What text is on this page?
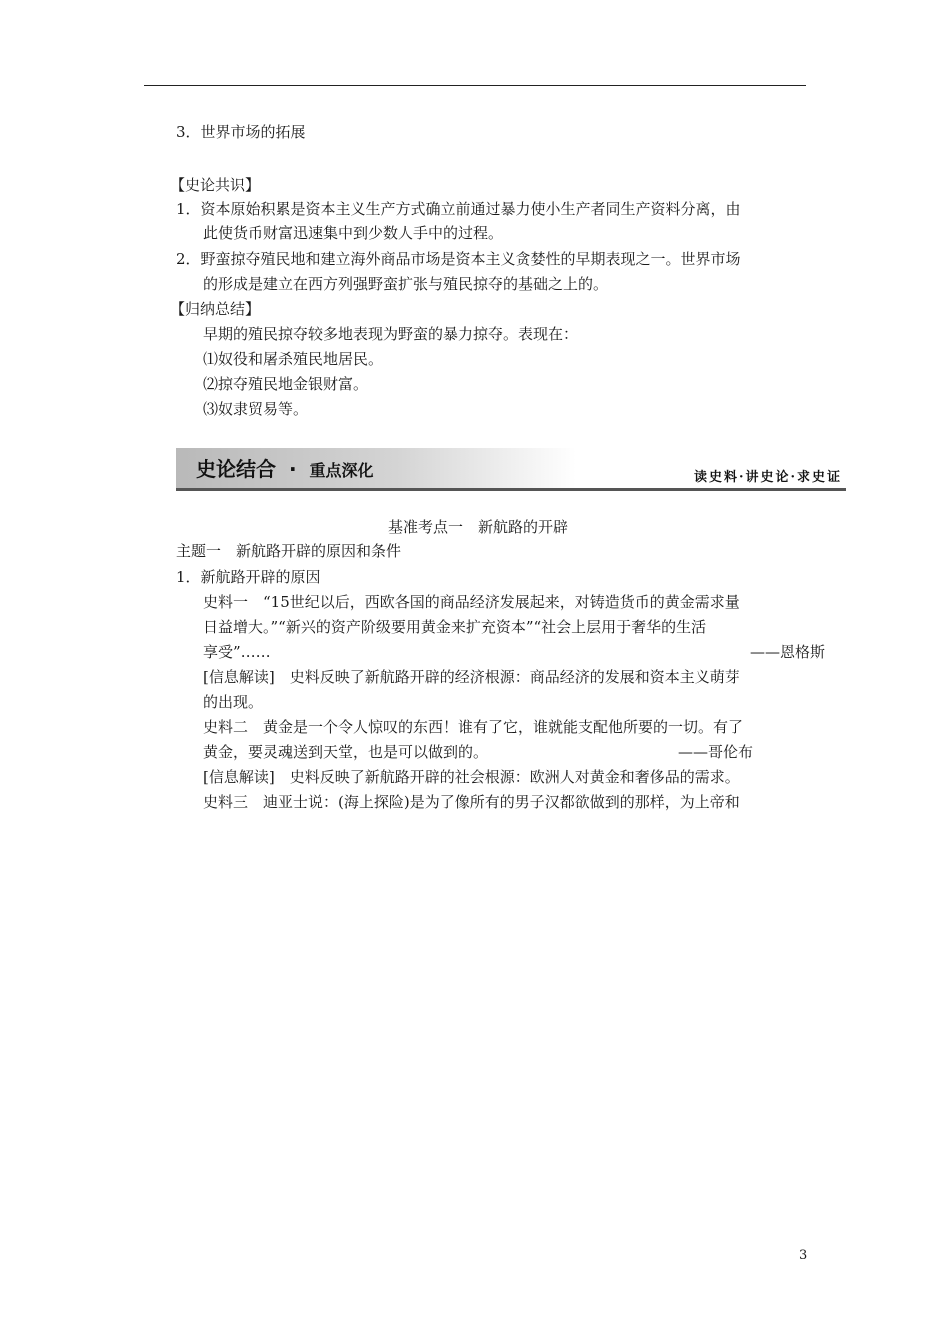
3．世界市场的拓展
【史论共识】
1．资本原始积累是资本主义生产方式确立前通过暴力使小生产者同生产资料分离，由
此使货币财富迅速集中到少数人手中的过程。
2．野蛮掠夺殖民地和建立海外商品市场是资本主义贪婪性的早期表现之一。世界市场
的形成是建立在西方列强野蛮扩张与殖民掠夺的基础之上的。
【归纳总结】
早期的殖民掠夺较多地表现为野蛮的暴力掠夺。表现在：
⑴奴役和屠杀殖民地居民。
⑵掠夺殖民地金银财富。
⑶奴隶贸易等。
史论结合 · 重点深化	读史料·讲史论·求史证
基准考点一　新航路的开辟
主题一　新航路开辟的原因和条件
1．新航路开辟的原因
史料一　“15世纪以后，西欧各国的商品经济发展起来，对铸造货币的黄金需求量
日益增大。”“新兴的资产阶级要用黄金来扩充资本”“社会上层用于奢华的生活
享受”……	——恩格斯
[信息解读]　史料反映了新航路开辟的经济根源：商品经济的发展和资本主义萌芽
的出现。
史料二　黄金是一个令人惊叹的东西！谁有了它，谁就能支配他所要的一切。有了
黄金，要灵魂送到天堂，也是可以做到的。	——哥伦布
[信息解读]　史料反映了新航路开辟的社会根源：欧洲人对黄金和奢侈品的需求。
史料三　迪亚士说：(海上探险)是为了像所有的男子汉都欲做到的那样，为上帝和
3
